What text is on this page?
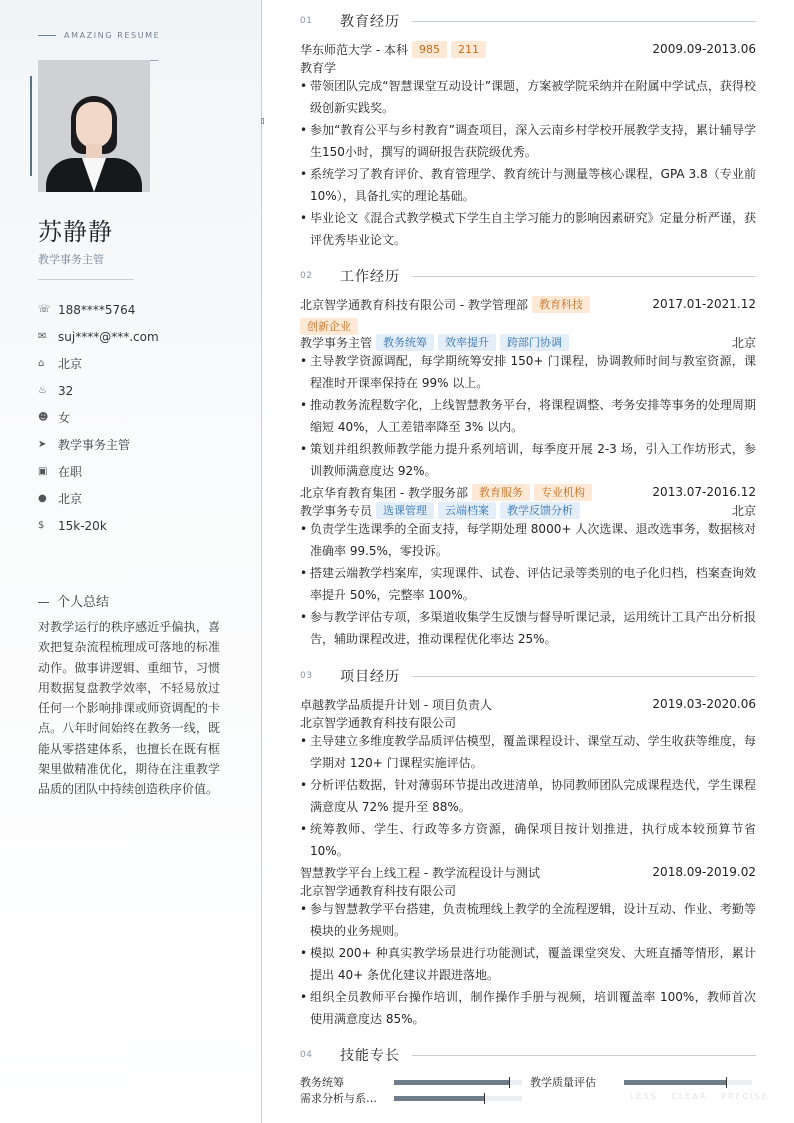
AMAZING RESUME
苏静静
教学事务主管
☏ 188****5764
✉ suj****@***.com
⌂	北京
♨ 32
☻ 女
➤ 教学事务主管
▣ 在职
● 北京
$	15k-20k
个人总结
对教学运行的秩序感近乎偏执，喜欢把复杂流程梳理成可落地的标准动作。做事讲逻辑、重细节，习惯用数据复盘教学效率，不轻易放过任何一个影响排课或师资调配的卡点。八年时间始终在教务一线，既能从零搭建体系，也擅长在既有框架里做精准优化，期待在注重教学品质的团队中持续创造秩序价值。
01	教育经历
华东师范大学 - 本科	985	211	2009.09-2013.06
教育学
• 带领团队完成“智慧课堂互动设计”课题，方案被学院采纳并在附属中学试点，获得校级创新实践奖。
• 参加“教育公平与乡村教育”调查项目，深入云南乡村学校开展教学支持，累计辅导学生150小时，撰写的调研报告获院级优秀。
• 系统学习了教育评价、教育管理学、教育统计与测量等核心课程，GPA 3.8（专业前10%），具备扎实的理论基础。
• 毕业论文《混合式教学模式下学生自主学习能力的影响因素研究》定量分析严谨，获评优秀毕业论文。
02	工作经历
北京智学通教育科技有限公司 - 教学管理部	教育科技	2017.01-2021.12
创新企业
教学事务主管	教务统筹	效率提升	跨部门协调	北京
• 主导教学资源调配，每学期统筹安排 150+ 门课程，协调教师时间与教室资源，课程准时开课率保持在 99% 以上。
• 推动教务流程数字化，上线智慧教务平台，将课程调整、考务安排等事务的处理周期缩短 40%，人工差错率降至 3% 以内。
• 策划并组织教师教学能力提升系列培训，每季度开展 2-3 场，引入工作坊形式，参训教师满意度达 92%。
北京华育教育集团 - 教学服务部	教育服务	专业机构	2013.07-2016.12
教学事务专员	选课管理	云端档案	教学反馈分析	北京
• 负责学生选课季的全面支持，每学期处理 8000+ 人次选课、退改选事务，数据核对准确率 99.5%，零投诉。
• 搭建云端教学档案库，实现课件、试卷、评估记录等类别的电子化归档，档案查询效率提升 50%，完整率 100%。
• 参与教学评估专项，多渠道收集学生反馈与督导听课记录，运用统计工具产出分析报告，辅助课程改进，推动课程优化率达 25%。
03	项目经历
卓越教学品质提升计划 - 项目负责人	2019.03-2020.06
北京智学通教育科技有限公司
• 主导建立多维度教学品质评估模型，覆盖课程设计、课堂互动、学生收获等维度，每学期对 120+ 门课程实施评估。
• 分析评估数据，针对薄弱环节提出改进清单，协同教师团队完成课程迭代，学生课程满意度从 72% 提升至 88%。
• 统筹教师、学生、行政等多方资源，确保项目按计划推进，执行成本较预算节省 10%。
智慧教学平台上线工程 - 教学流程设计与测试	2018.09-2019.02
北京智学通教育科技有限公司
• 参与智慧教学平台搭建，负责梳理线上教学的全流程逻辑，设计互动、作业、考勤等模块的业务规则。
• 模拟 200+ 种真实教学场景进行功能测试，覆盖课堂突发、大班直播等情形，累计提出 40+ 条优化建议并跟进落地。
• 组织全员教师平台操作培训，制作操作手册与视频，培训覆盖率 100%，教师首次使用满意度达 85%。
04	技能专长
教务统筹	教学质量评估
需求分析与系…	LESS · CLEAR · PRECISE
